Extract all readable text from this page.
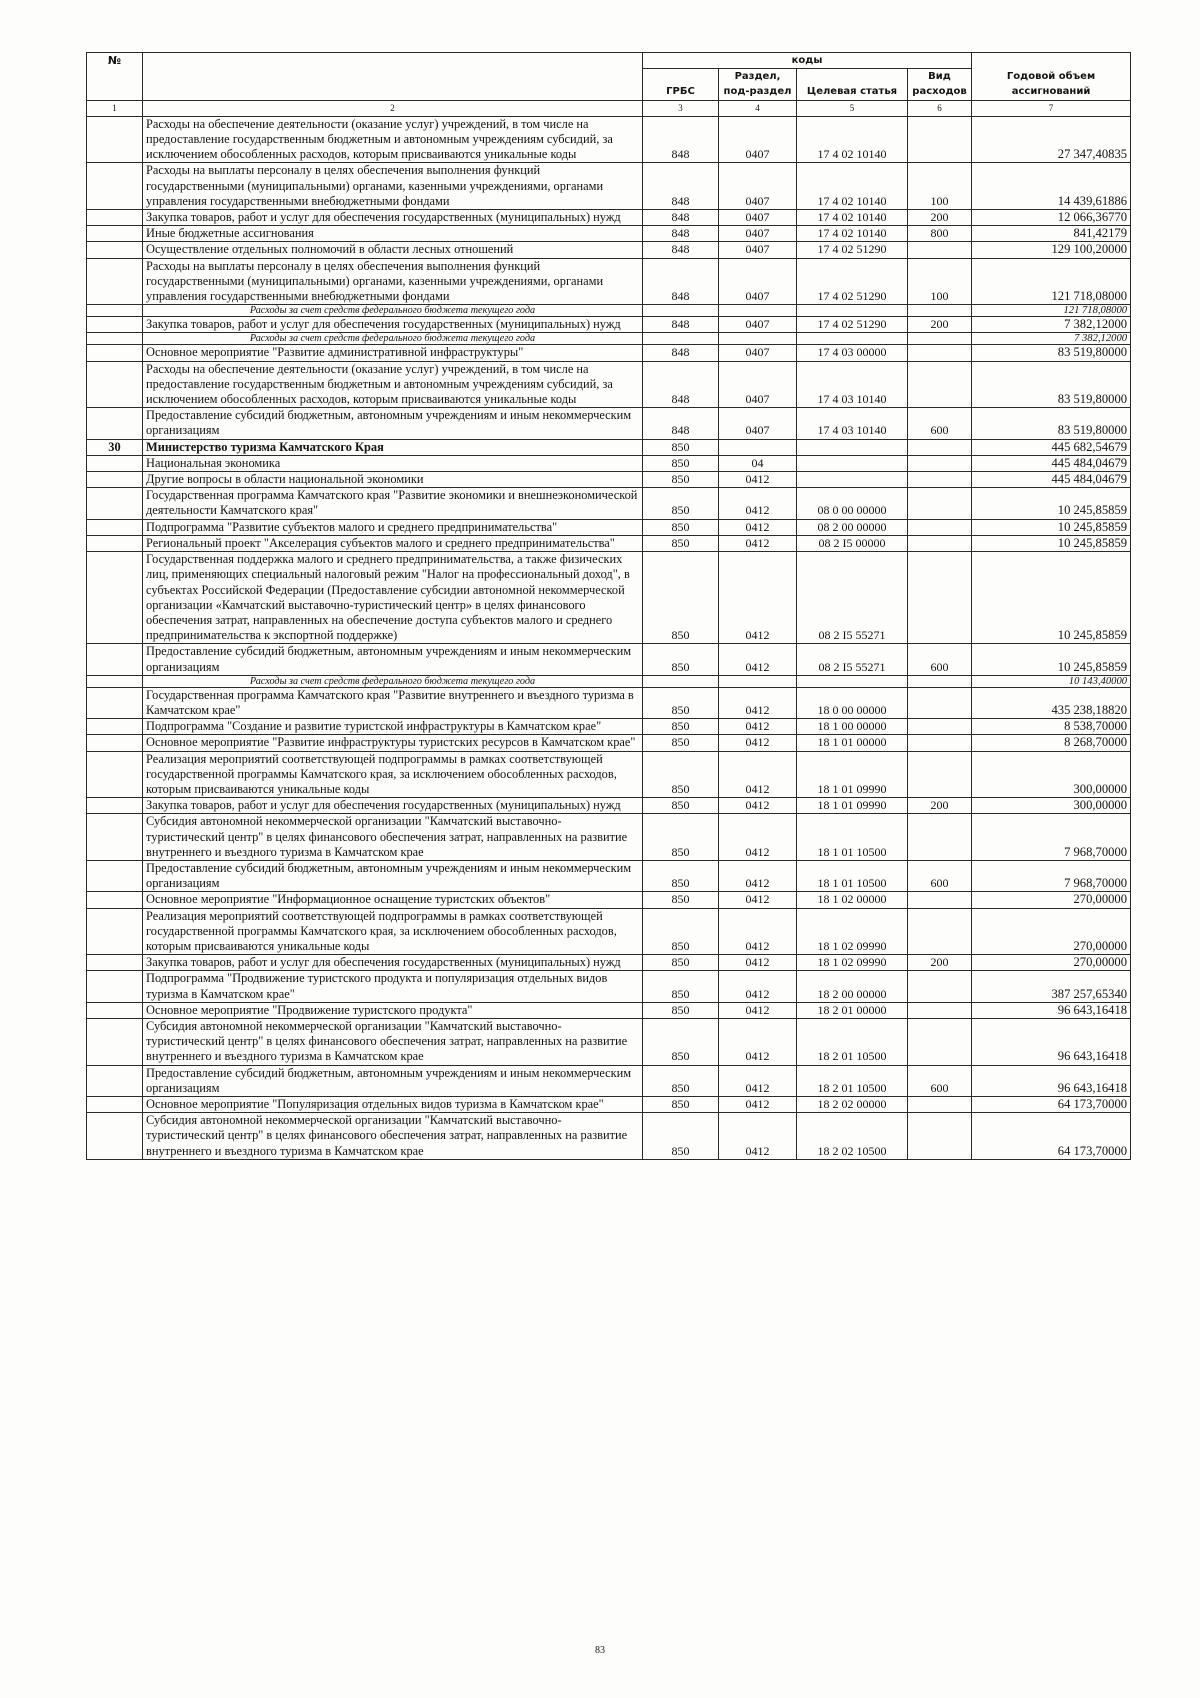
№		коды				Годовой объем ассигнований
		ГРБС	Раздел, под-раздел	Целевая статья	Вид расходов	
1	2	3	4	5	6	7
	Расходы на обеспечение деятельности (оказание услуг) учреждений, в том числе на предоставление государственным бюджетным и автономным учреждениям субсидий, за исключением обособленных расходов, которым присваиваются уникальные коды	848	0407	17 4 02 10140		27 347,40835
	Расходы на выплаты персоналу в целях обеспечения выполнения функций государственными (муниципальными) органами, казенными учреждениями, органами управления государственными внебюджетными фондами	848	0407	17 4 02 10140	100	14 439,61886
	Закупка товаров, работ и услуг для обеспечения государственных (муниципальных) нужд	848	0407	17 4 02 10140	200	12 066,36770
	Иные бюджетные ассигнования	848	0407	17 4 02 10140	800	841,42179
	Осуществление отдельных полномочий в области лесных отношений	848	0407	17 4 02 51290		129 100,20000
	Расходы на выплаты персоналу в целях обеспечения выполнения функций государственными (муниципальными) органами, казенными учреждениями, органами управления государственными внебюджетными фондами	848	0407	17 4 02 51290	100	121 718,08000
	Расходы за счет средств федерального бюджета текущего года					121 718,08000
	Закупка товаров, работ и услуг для обеспечения государственных (муниципальных) нужд	848	0407	17 4 02 51290	200	7 382,12000
	Расходы за счет средств федерального бюджета текущего года					7 382,12000
	Основное мероприятие "Развитие административной инфраструктуры"	848	0407	17 4 03 00000		83 519,80000
	Расходы на обеспечение деятельности (оказание услуг) учреждений, в том числе на предоставление государственным бюджетным и автономным учреждениям субсидий, за исключением обособленных расходов, которым присваиваются уникальные коды	848	0407	17 4 03 10140		83 519,80000
	Предоставление субсидий бюджетным, автономным учреждениям и иным некоммерческим организациям	848	0407	17 4 03 10140	600	83 519,80000
30	Министерство туризма Камчатского Края	850				445 682,54679
	Национальная экономика	850	04			445 484,04679
	Другие вопросы в области национальной экономики	850	0412			445 484,04679
	Государственная программа Камчатского края "Развитие экономики и внешнеэкономической деятельности Камчатского края"	850	0412	08 0 00 00000		10 245,85859
	Подпрограмма "Развитие субъектов малого и среднего предпринимательства"	850	0412	08 2 00 00000		10 245,85859
	Региональный проект "Акселерация субъектов малого и среднего предпринимательства"	850	0412	08 2 I5 00000		10 245,85859
	Государственная поддержка малого и среднего предпринимательства, а также физических лиц, применяющих специальный налоговый режим "Налог на профессиональный доход", в субъектах Российской Федерации (Предоставление субсидии автономной некоммерческой организации «Камчатский выставочно-туристический центр» в целях финансового обеспечения затрат, направленных на обеспечение доступа субъектов малого и среднего предпринимательства к экспортной поддержке)	850	0412	08 2 I5 55271		10 245,85859
	Предоставление субсидий бюджетным, автономным учреждениям и иным некоммерческим организациям	850	0412	08 2 I5 55271	600	10 245,85859
	Расходы за счет средств федерального бюджета текущего года					10 143,40000
	Государственная программа Камчатского края "Развитие внутреннего и въездного туризма в Камчатском крае"	850	0412	18 0 00 00000		435 238,18820
	Подпрограмма "Создание и развитие туристской инфраструктуры в Камчатском крае"	850	0412	18 1 00 00000		8 538,70000
	Основное мероприятие "Развитие инфраструктуры туристских ресурсов в Камчатском крае"	850	0412	18 1 01 00000		8 268,70000
	Реализация мероприятий соответствующей подпрограммы в рамках соответствующей государственной программы Камчатского края, за исключением обособленных расходов, которым присваиваются уникальные коды	850	0412	18 1 01 09990		300,00000
	Закупка товаров, работ и услуг для обеспечения государственных (муниципальных) нужд	850	0412	18 1 01 09990	200	300,00000
	Субсидия автономной некоммерческой организации "Камчатский выставочно-туристический центр" в целях финансового обеспечения затрат, направленных на развитие внутреннего и въездного туризма в Камчатском крае	850	0412	18 1 01 10500		7 968,70000
	Предоставление субсидий бюджетным, автономным учреждениям и иным некоммерческим организациям	850	0412	18 1 01 10500	600	7 968,70000
	Основное мероприятие "Информационное оснащение туристских объектов"	850	0412	18 1 02 00000		270,00000
	Реализация мероприятий соответствующей подпрограммы в рамках соответствующей государственной программы Камчатского края, за исключением обособленных расходов, которым присваиваются уникальные коды	850	0412	18 1 02 09990		270,00000
	Закупка товаров, работ и услуг для обеспечения государственных (муниципальных) нужд	850	0412	18 1 02 09990	200	270,00000
	Подпрограмма "Продвижение туристского продукта и популяризация отдельных видов туризма в Камчатском крае"	850	0412	18 2 00 00000		387 257,65340
	Основное мероприятие "Продвижение туристского продукта"	850	0412	18 2 01 00000		96 643,16418
	Субсидия автономной некоммерческой организации "Камчатский выставочно-туристический центр" в целях финансового обеспечения затрат, направленных на развитие внутреннего и въездного туризма в Камчатском крае	850	0412	18 2 01 10500		96 643,16418
	Предоставление субсидий бюджетным, автономным учреждениям и иным некоммерческим организациям	850	0412	18 2 01 10500	600	96 643,16418
	Основное мероприятие "Популяризация отдельных видов туризма в Камчатском крае"	850	0412	18 2 02 00000		64 173,70000
	Субсидия автономной некоммерческой организации "Камчатский выставочно-туристический центр" в целях финансового обеспечения затрат, направленных на развитие внутреннего и въездного туризма в Камчатском крае	850	0412	18 2 02 10500		64 173,70000
83
